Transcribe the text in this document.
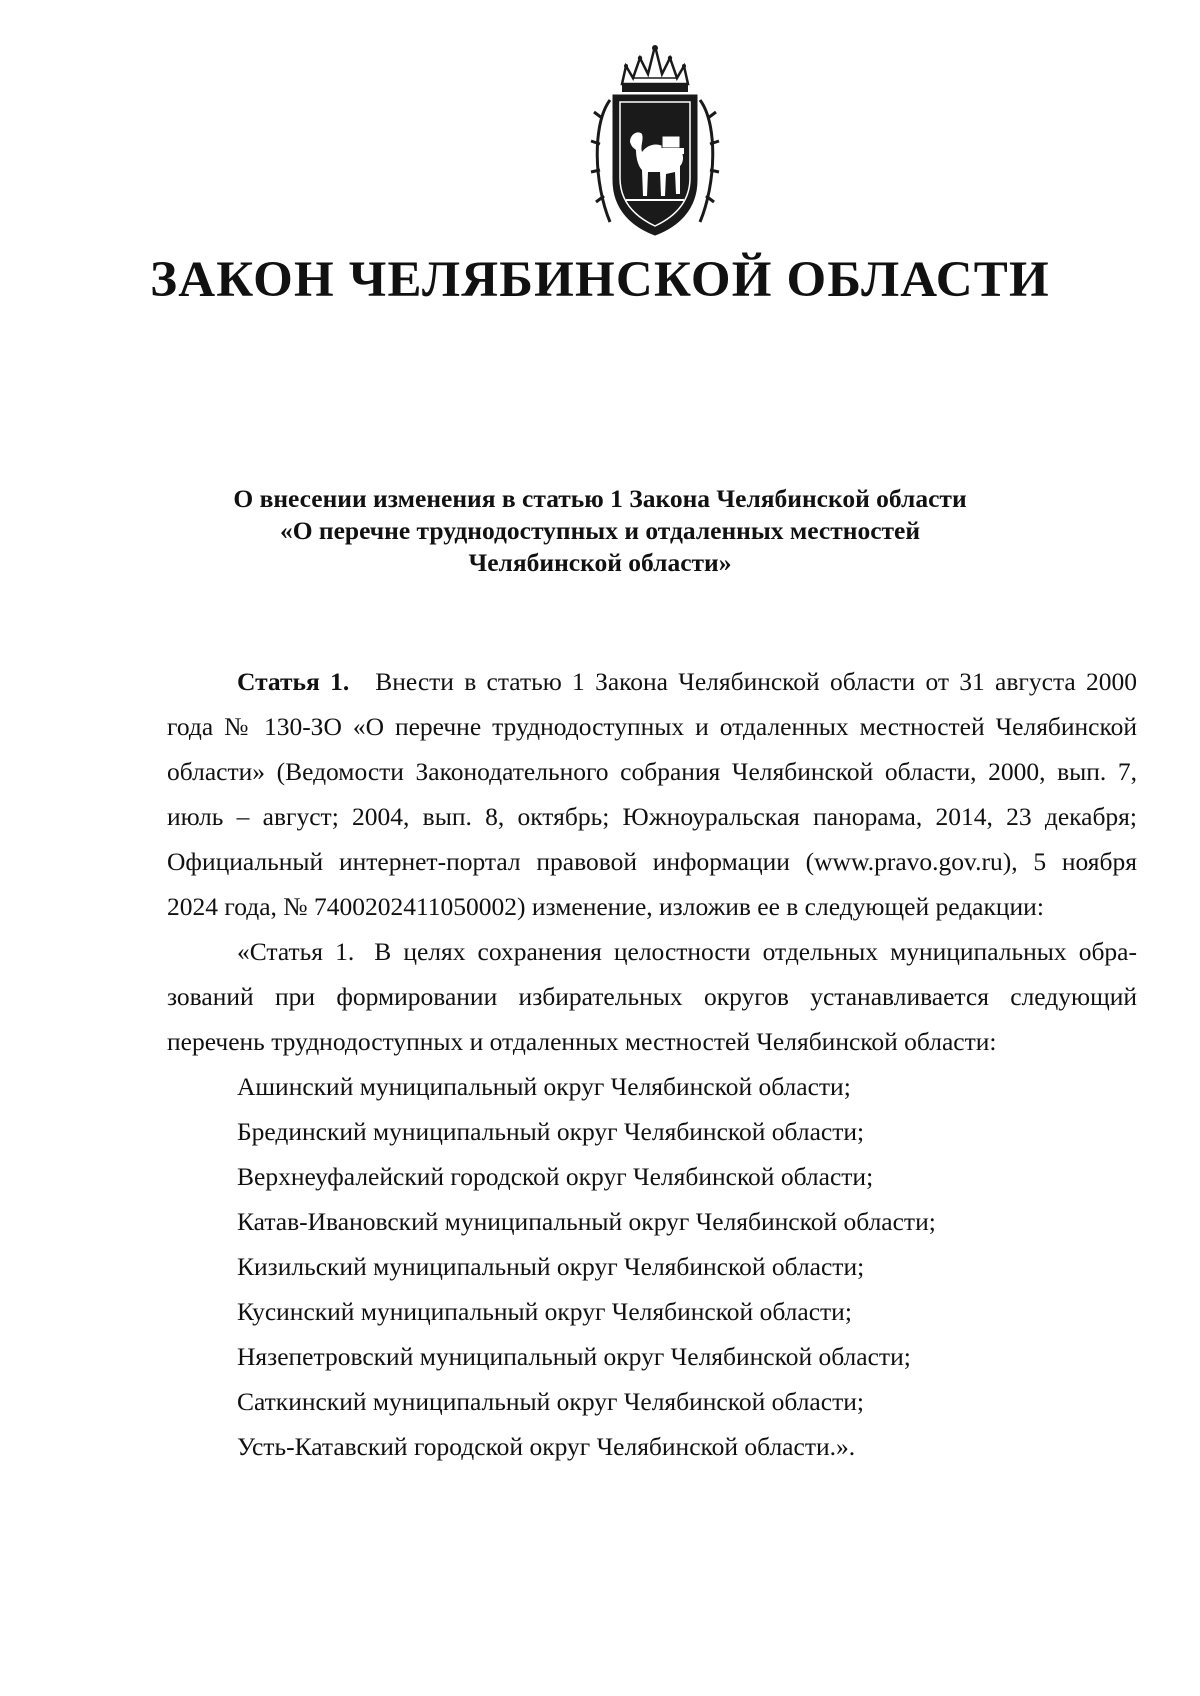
ЗАКОН ЧЕЛЯБИНСКОЙ ОБЛАСТИ
О внесении изменения в статью 1 Закона Челябинской области
«О перечне труднодоступных и отдаленных местностей
Челябинской области»

Статья 1. Внести в статью 1 Закона Челябинской области от 31 августа 2000 года № 130-ЗО «О перечне труднодоступных и отдаленных местностей Челябинской области» (Ведомости Законодательного собрания Челябинской области, 2000, вып. 7, июль – август; 2004, вып. 8, октябрь; Южноуральская панорама, 2014, 23 декабря; Официальный интернет-портал правовой информации (www.pravo.gov.ru), 5 ноября 2024 года, № 7400202411050002) изменение, изложив ее в следующей редакции:

«Статья 1. В целях сохранения целостности отдельных муниципальных обра-зований при формировании избирательных округов устанавливается следующий перечень труднодоступных и отдаленных местностей Челябинской области:

Ашинский муниципальный округ Челябинской области;
Брединский муниципальный округ Челябинской области;
Верхнеуфалейский городской округ Челябинской области;
Катав-Ивановский муниципальный округ Челябинской области;
Кизильский муниципальный округ Челябинской области;
Кусинский муниципальный округ Челябинской области;
Нязепетровский муниципальный округ Челябинской области;
Саткинский муниципальный округ Челябинской области;
Усть-Катавский городской округ Челябинской области.».
